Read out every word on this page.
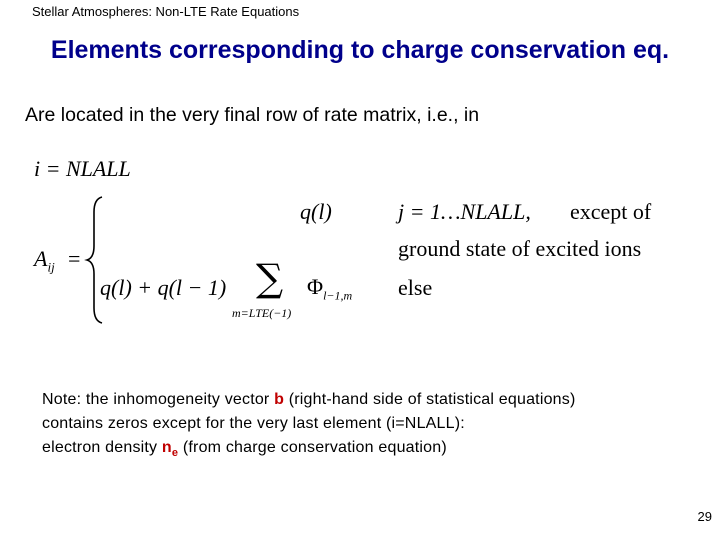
Stellar Atmospheres: Non-LTE Rate Equations
Elements corresponding to charge conservation eq.
Are located in the very final row of rate matrix, i.e., in
i = NLALL
$A_{ij}$ =
q(l)	j = 1…NLALL, except of
ground state of excited ions
q(l) + q(l − 1) ∑
m=LTE(−1)
$\Phi_{l-1,m}$ else
Note: the inhomogeneity vector b (right-hand side of statistical equations)
contains zeros except for the very last element (i=NLALL):
electron density $n_e$ (from charge conservation equation)
29
